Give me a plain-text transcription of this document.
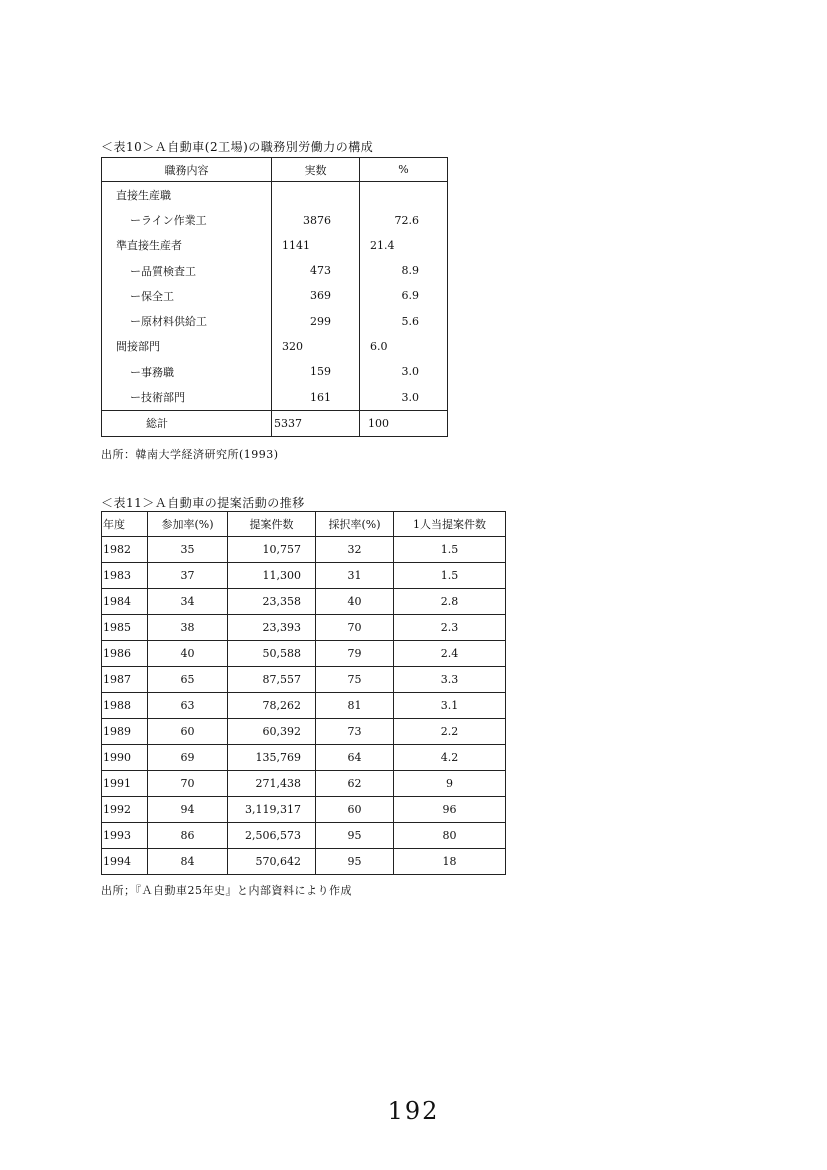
＜表10＞Ａ自動車(2工場)の職務別労働力の構成
職務内容	実数	%
直接生産職		
ーライン作業工	3876	72.6
準直接生産者	1141	21.4
ー品質検査工	473	8.9
ー保全工	369	6.9
ー原材料供給工	299	5.6
間接部門	320	6.0
ー事務職	159	3.0
ー技術部門	161	3.0
総計	5337	100
出所：韓南大学経済研究所(1993)
＜表11＞Ａ自動車の提案活動の推移
年度	参加率(%)	提案件数	採択率(%)	1人当提案件数
1982	35	10,757	32	1.5
1983	37	11,300	31	1.5
1984	34	23,358	40	2.8
1985	38	23,393	70	2.3
1986	40	50,588	79	2.4
1987	65	87,557	75	3.3
1988	63	78,262	81	3.1
1989	60	60,392	73	2.2
1990	69	135,769	64	4.2
1991	70	271,438	62	9
1992	94	3,119,317	60	96
1993	86	2,506,573	95	80
1994	84	570,642	95	18
出所；『Ａ自動車25年史』と内部資料により作成
192
